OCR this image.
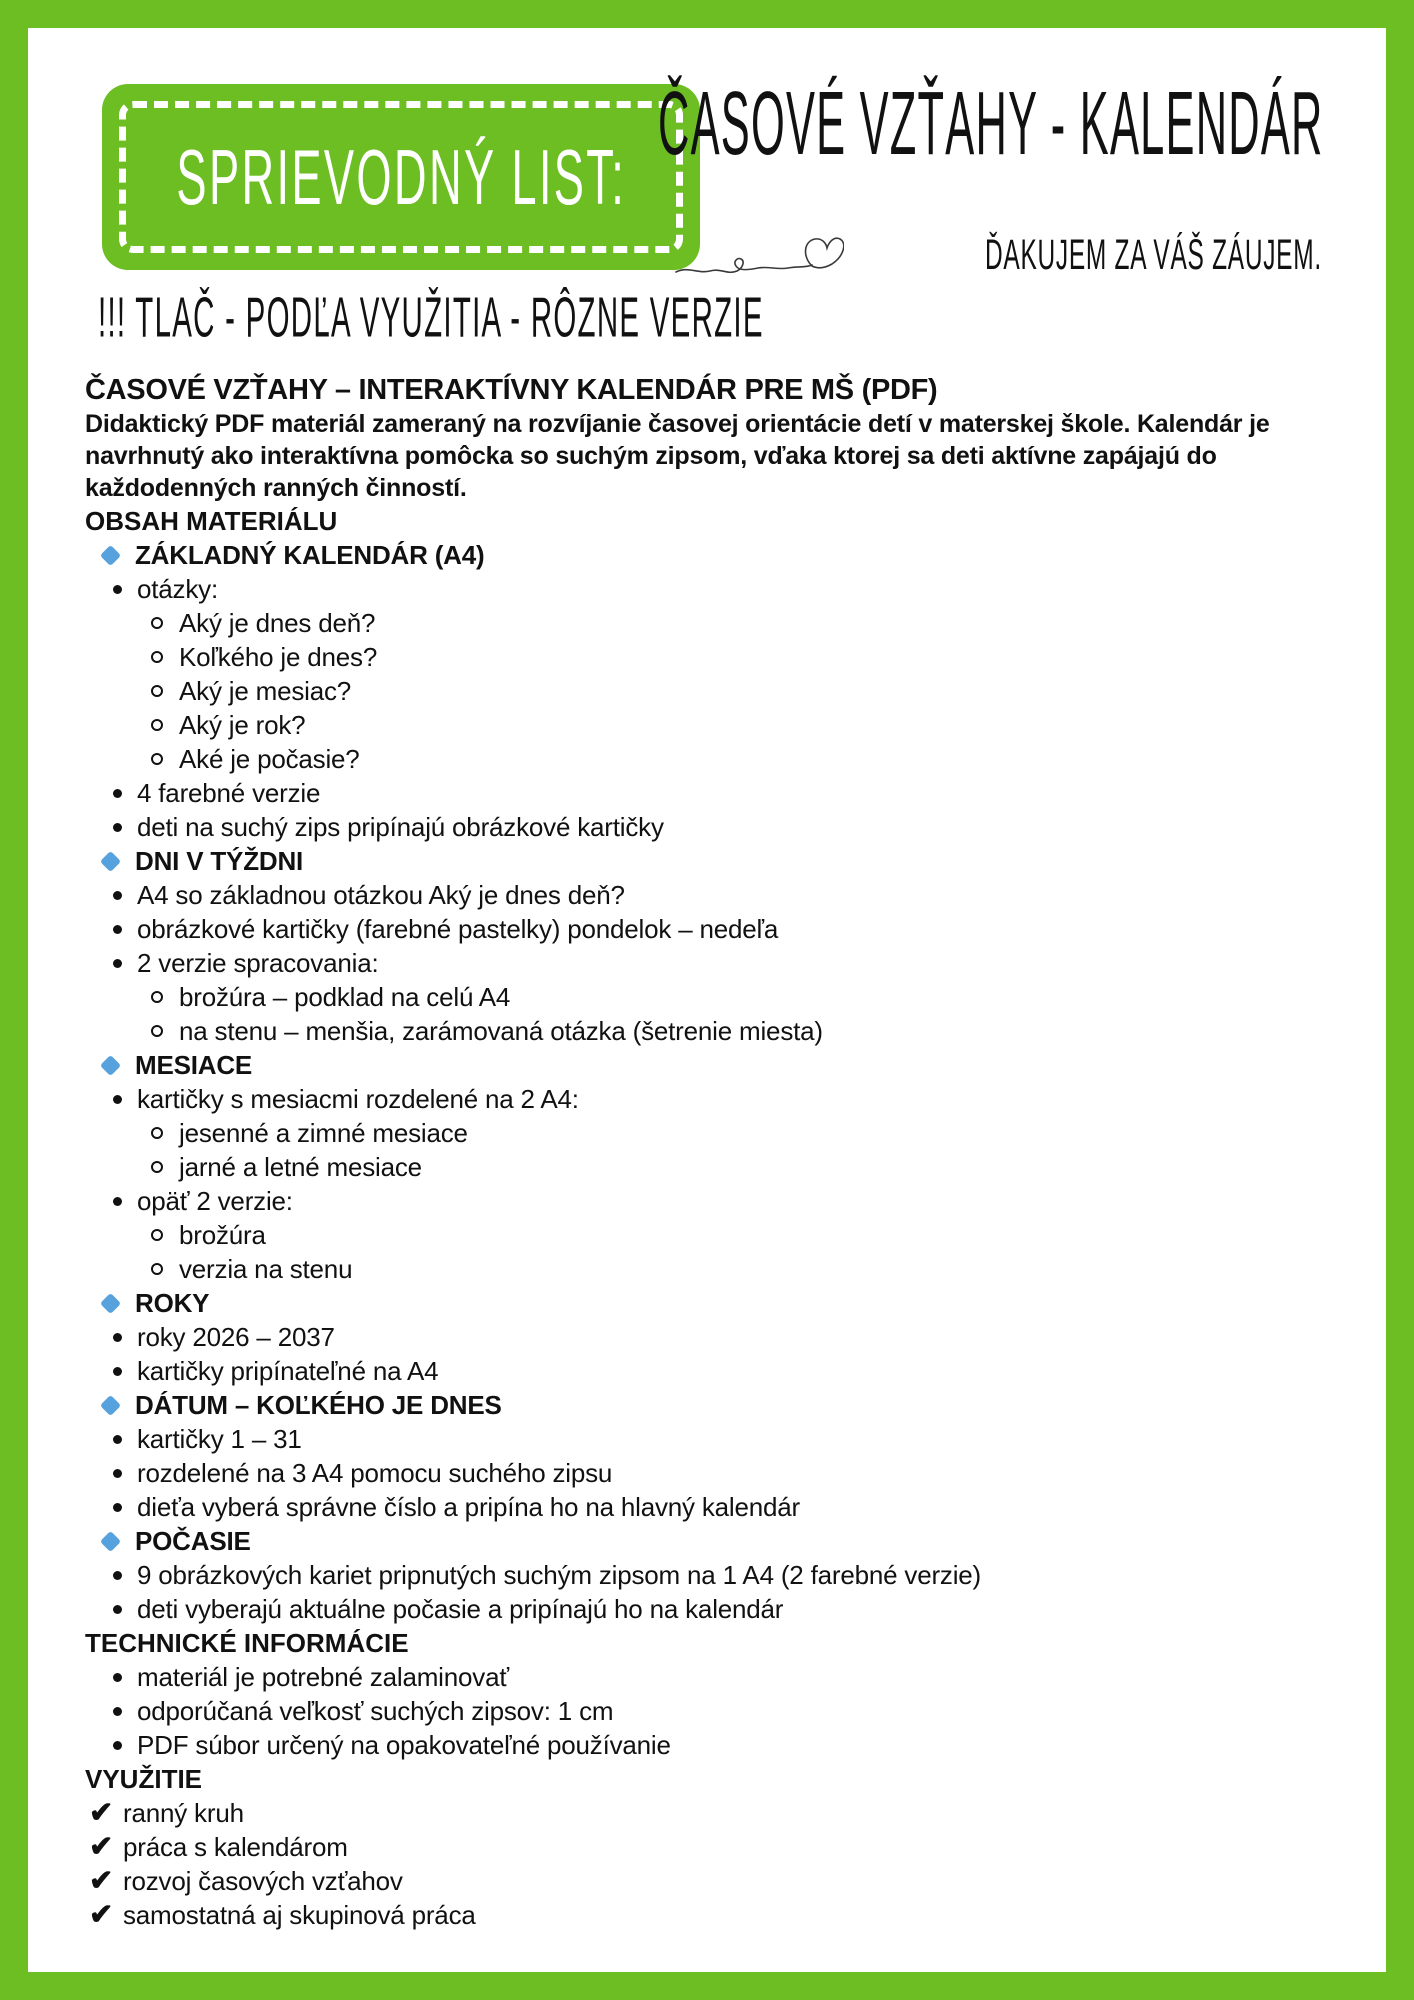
SPRIEVODNÝ LIST:
ČASOVÉ VZŤAHY - KALENDÁR
ĎAKUJEM ZA VÁŠ ZÁUJEM.
!!! TLAČ - PODĽA VYUŽITIA - RÔZNE VERZIE

ČASOVÉ VZŤAHY – INTERAKTÍVNY KALENDÁR PRE MŠ (PDF)

Didaktický PDF materiál zameraný na rozvíjanie časovej orientácie detí v materskej škole. Kalendár je navrhnutý ako interaktívna pomôcka so suchým zipsom, vďaka ktorej sa deti aktívne zapájajú do každodenných ranných činností.

OBSAH MATERIÁLU

ZÁKLADNÝ KALENDÁR (A4)
otázky:
Aký je dnes deň?
Koľkého je dnes?
Aký je mesiac?
Aký je rok?
Aké je počasie?
4 farebné verzie
deti na suchý zips pripínajú obrázkové kartičky
DNI V TÝŽDNI
A4 so základnou otázkou Aký je dnes deň?
obrázkové kartičky (farebné pastelky) pondelok – nedeľa
2 verzie spracovania:
brožúra – podklad na celú A4
na stenu – menšia, zarámovaná otázka (šetrenie miesta)
MESIACE
kartičky s mesiacmi rozdelené na 2 A4:
jesenné a zimné mesiace
jarné a letné mesiace
opäť 2 verzie:
brožúra
verzia na stenu
ROKY
roky 2026 – 2037
kartičky pripínateľné na A4
DÁTUM – KOĽKÉHO JE DNES
kartičky 1 – 31
rozdelené na 3 A4 pomocu suchého zipsu
dieťa vyberá správne číslo a pripína ho na hlavný kalendár
POČASIE
9 obrázkových kariet pripnutých suchým zipsom na 1 A4 (2 farebné verzie)
deti vyberajú aktuálne počasie a pripínajú ho na kalendár

TECHNICKÉ INFORMÁCIE

materiál je potrebné zalaminovať
odporúčaná veľkosť suchých zipsov: 1 cm
PDF súbor určený na opakovateľné používanie

VYUŽITIE

✔ ranný kruh
✔ práca s kalendárom
✔ rozvoj časových vzťahov
✔ samostatná aj skupinová práca
